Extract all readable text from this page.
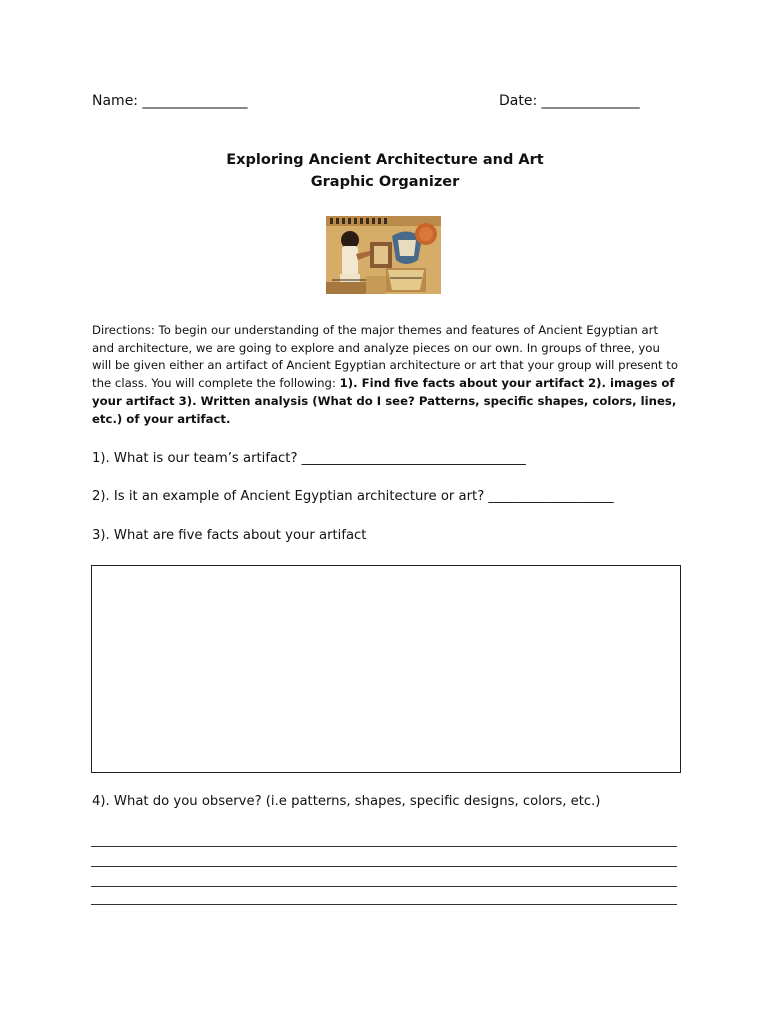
Name: _______________	Date: ______________
Exploring Ancient Architecture and Art
Graphic Organizer
Directions: To begin our understanding of the major themes and features of Ancient Egyptian art and architecture, we are going to explore and analyze pieces on our own. In groups of three, you will be given either an artifact of Ancient Egyptian architecture or art that your group will present to the class. You will complete the following: 1). Find five facts about your artifact 2). images of your artifact 3). Written analysis (What do I see? Patterns, specific shapes, colors, lines, etc.) of your artifact.
1). What is our team’s artifact? __________________________________
2). Is it an example of Ancient Egyptian architecture or art? ___________________
3). What are five facts about your artifact
4). What do you observe? (i.e patterns, shapes, specific designs, colors, etc.)
